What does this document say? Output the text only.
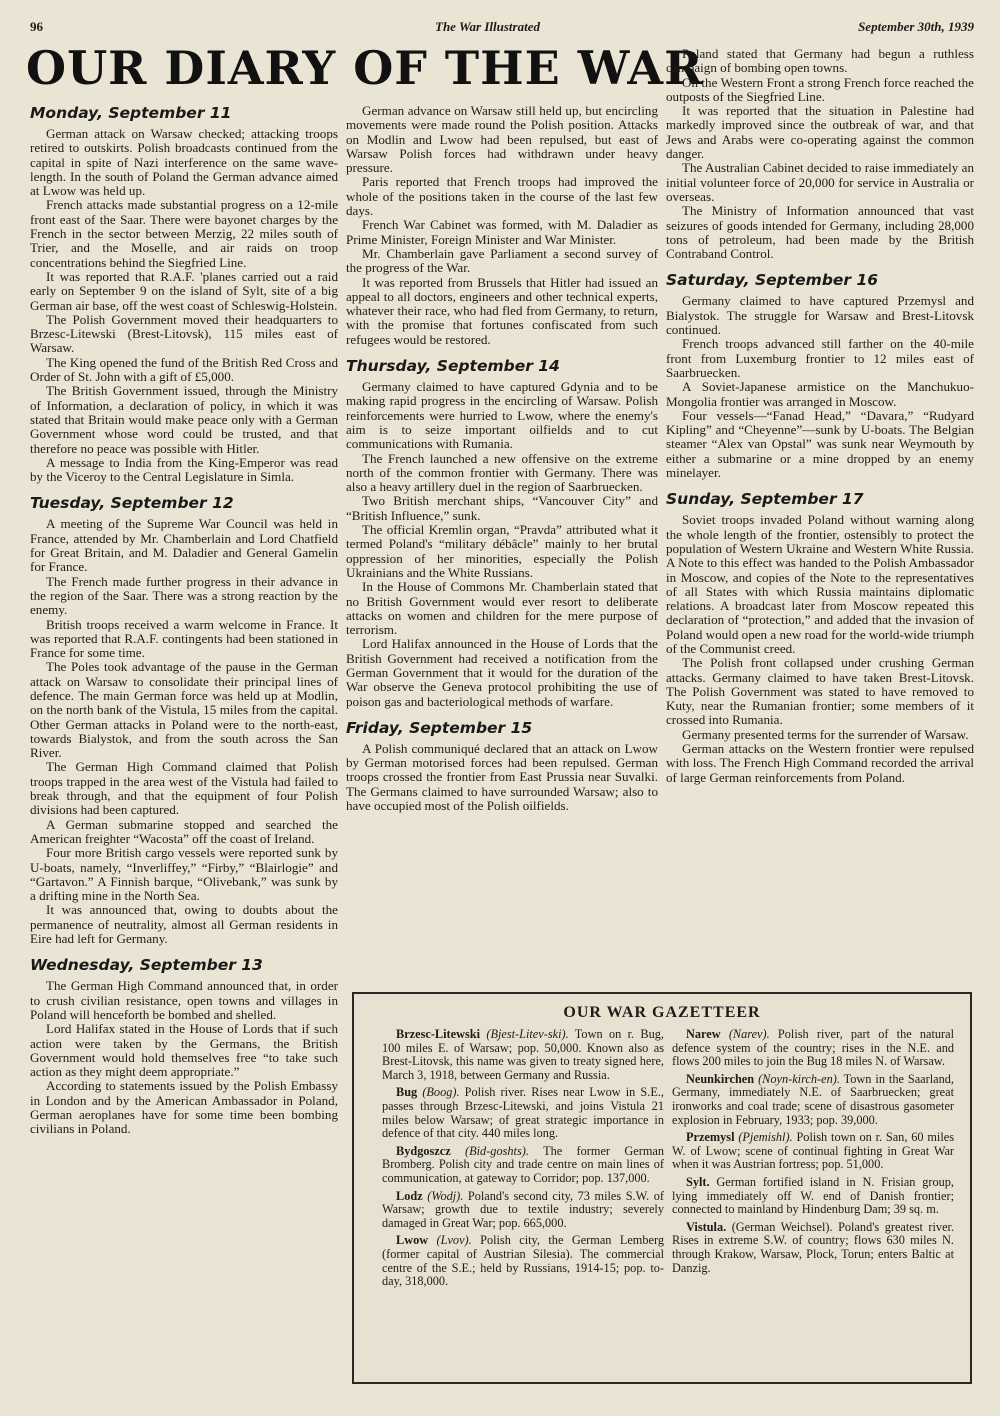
96	The War Illustrated	September 30th, 1939
OUR DIARY OF THE WAR
Monday, September 11

German attack on Warsaw checked; attacking troops retired to outskirts. Polish broadcasts continued from the capital in spite of Nazi interference on the same wave-length. In the south of Poland the German advance aimed at Lwow was held up.

French attacks made substantial progress on a 12-mile front east of the Saar. There were bayonet charges by the French in the sector between Merzig, 22 miles south of Trier, and the Moselle, and air raids on troop concentrations behind the Siegfried Line.

It was reported that R.A.F. 'planes carried out a raid early on September 9 on the island of Sylt, site of a big German air base, off the west coast of Schleswig-Holstein.

The Polish Government moved their headquarters to Brzesc-Litewski (Brest-Litovsk), 115 miles east of Warsaw.

The King opened the fund of the British Red Cross and Order of St. John with a gift of £5,000.

The British Government issued, through the Ministry of Information, a declaration of policy, in which it was stated that Britain would make peace only with a German Government whose word could be trusted, and that therefore no peace was possible with Hitler.

A message to India from the King-Emperor was read by the Viceroy to the Central Legislature in Simla.

Tuesday, September 12

A meeting of the Supreme War Council was held in France, attended by Mr. Chamberlain and Lord Chatfield for Great Britain, and M. Daladier and General Gamelin for France.

The French made further progress in their advance in the region of the Saar. There was a strong reaction by the enemy.

British troops received a warm welcome in France. It was reported that R.A.F. contingents had been stationed in France for some time.

The Poles took advantage of the pause in the German attack on Warsaw to consolidate their principal lines of defence. The main German force was held up at Modlin, on the north bank of the Vistula, 15 miles from the capital. Other German attacks in Poland were to the north-east, towards Bialystok, and from the south across the San River.

The German High Command claimed that Polish troops trapped in the area west of the Vistula had failed to break through, and that the equipment of four Polish divisions had been captured.

A German submarine stopped and searched the American freighter “Wacosta” off the coast of Ireland.

Four more British cargo vessels were reported sunk by U-boats, namely, “Inverliffey,” “Firby,” “Blairlogie” and “Gartavon.” A Finnish barque, “Olivebank,” was sunk by a drifting mine in the North Sea.

It was announced that, owing to doubts about the permanence of neutrality, almost all German residents in Eire had left for Germany.

Wednesday, September 13

The German High Command announced that, in order to crush civilian resistance, open towns and villages in Poland will henceforth be bombed and shelled.

Lord Halifax stated in the House of Lords that if such action were taken by the Germans, the British Government would hold themselves free “to take such action as they might deem appropriate.”

According to statements issued by the Polish Embassy in London and by the American Ambassador in Poland, German aeroplanes have for some time been bombing civilians in Poland.

German advance on Warsaw still held up, but encircling movements were made round the Polish position. Attacks on Modlin and Lwow had been repulsed, but east of Warsaw Polish forces had withdrawn under heavy pressure.

Paris reported that French troops had improved the whole of the positions taken in the course of the last few days.

French War Cabinet was formed, with M. Daladier as Prime Minister, Foreign Minister and War Minister.

Mr. Chamberlain gave Parliament a second survey of the progress of the War.

It was reported from Brussels that Hitler had issued an appeal to all doctors, engineers and other technical experts, whatever their race, who had fled from Germany, to return, with the promise that fortunes confiscated from such refugees would be restored.

Thursday, September 14

Germany claimed to have captured Gdynia and to be making rapid progress in the encircling of Warsaw. Polish reinforcements were hurried to Lwow, where the enemy's aim is to seize important oilfields and to cut communications with Rumania.

The French launched a new offensive on the extreme north of the common frontier with Germany. There was also a heavy artillery duel in the region of Saarbruecken.

Two British merchant ships, “Vancouver City” and “British Influence,” sunk.

The official Kremlin organ, “Pravda” attributed what it termed Poland's “military débâcle” mainly to her brutal oppression of her minorities, especially the Polish Ukrainians and the White Russians.

In the House of Commons Mr. Chamberlain stated that no British Government would ever resort to deliberate attacks on women and children for the mere purpose of terrorism.

Lord Halifax announced in the House of Lords that the British Government had received a notification from the German Government that it would for the duration of the War observe the Geneva protocol prohibiting the use of poison gas and bacteriological methods of warfare.

Friday, September 15

A Polish communiqué declared that an attack on Lwow by German motorised forces had been repulsed. German troops crossed the frontier from East Prussia near Suvalki. The Germans claimed to have surrounded Warsaw; also to have occupied most of the Polish oilfields.

Poland stated that Germany had begun a ruthless campaign of bombing open towns.

On the Western Front a strong French force reached the outposts of the Siegfried Line.

It was reported that the situation in Palestine had markedly improved since the outbreak of war, and that Jews and Arabs were co-operating against the common danger.

The Australian Cabinet decided to raise immediately an initial volunteer force of 20,000 for service in Australia or overseas.

The Ministry of Information announced that vast seizures of goods intended for Germany, including 28,000 tons of petroleum, had been made by the British Contraband Control.

Saturday, September 16

Germany claimed to have captured Przemysl and Bialystok. The struggle for Warsaw and Brest-Litovsk continued.

French troops advanced still farther on the 40-mile front from Luxemburg frontier to 12 miles east of Saarbruecken.

A Soviet-Japanese armistice on the Manchukuo-Mongolia frontier was arranged in Moscow.

Four vessels—“Fanad Head,” “Davara,” “Rudyard Kipling” and “Cheyenne”—sunk by U-boats. The Belgian steamer “Alex van Opstal” was sunk near Weymouth by either a submarine or a mine dropped by an enemy minelayer.

Sunday, September 17

Soviet troops invaded Poland without warning along the whole length of the frontier, ostensibly to protect the population of Western Ukraine and Western White Russia. A Note to this effect was handed to the Polish Ambassador in Moscow, and copies of the Note to the representatives of all States with which Russia maintains diplomatic relations. A broadcast later from Moscow repeated this declaration of “protection,” and added that the invasion of Poland would open a new road for the world-wide triumph of the Communist creed.

The Polish front collapsed under crushing German attacks. Germany claimed to have taken Brest-Litovsk. The Polish Government was stated to have removed to Kuty, near the Rumanian frontier; some members of it crossed into Rumania.

Germany presented terms for the surrender of Warsaw.

German attacks on the Western frontier were repulsed with loss. The French High Command recorded the arrival of large German reinforcements from Poland.

OUR WAR GAZETTEER

Brzesc-Litewski (Bjest-Litev-ski). Town on r. Bug, 100 miles E. of Warsaw; pop. 50,000. Known also as Brest-Litovsk, this name was given to treaty signed here, March 3, 1918, between Germany and Russia.

Bug (Boog). Polish river. Rises near Lwow in S.E., passes through Brzesc-Litewski, and joins Vistula 21 miles below Warsaw; of great strategic importance in defence of that city. 440 miles long.

Bydgoszcz (Bid-goshts). The former German Bromberg. Polish city and trade centre on main lines of communication, at gateway to Corridor; pop. 137,000.

Lodz (Wodj). Poland's second city, 73 miles S.W. of Warsaw; growth due to textile industry; severely damaged in Great War; pop. 665,000.

Lwow (Lvov). Polish city, the German Lemberg (former capital of Austrian Silesia). The commercial centre of the S.E.; held by Russians, 1914-15; pop. to-day, 318,000.

Narew (Narev). Polish river, part of the natural defence system of the country; rises in the N.E. and flows 200 miles to join the Bug 18 miles N. of Warsaw.

Neunkirchen (Noyn-kirch-en). Town in the Saarland, Germany, immediately N.E. of Saarbruecken; great ironworks and coal trade; scene of disastrous gasometer explosion in February, 1933; pop. 39,000.

Przemysl (Pjemishl). Polish town on r. San, 60 miles W. of Lwow; scene of continual fighting in Great War when it was Austrian fortress; pop. 51,000.

Sylt. German fortified island in N. Frisian group, lying immediately off W. end of Danish frontier; connected to mainland by Hindenburg Dam; 39 sq. m.

Vistula. (German Weichsel). Poland's greatest river. Rises in extreme S.W. of country; flows 630 miles N. through Krakow, Warsaw, Plock, Torun; enters Baltic at Danzig.
